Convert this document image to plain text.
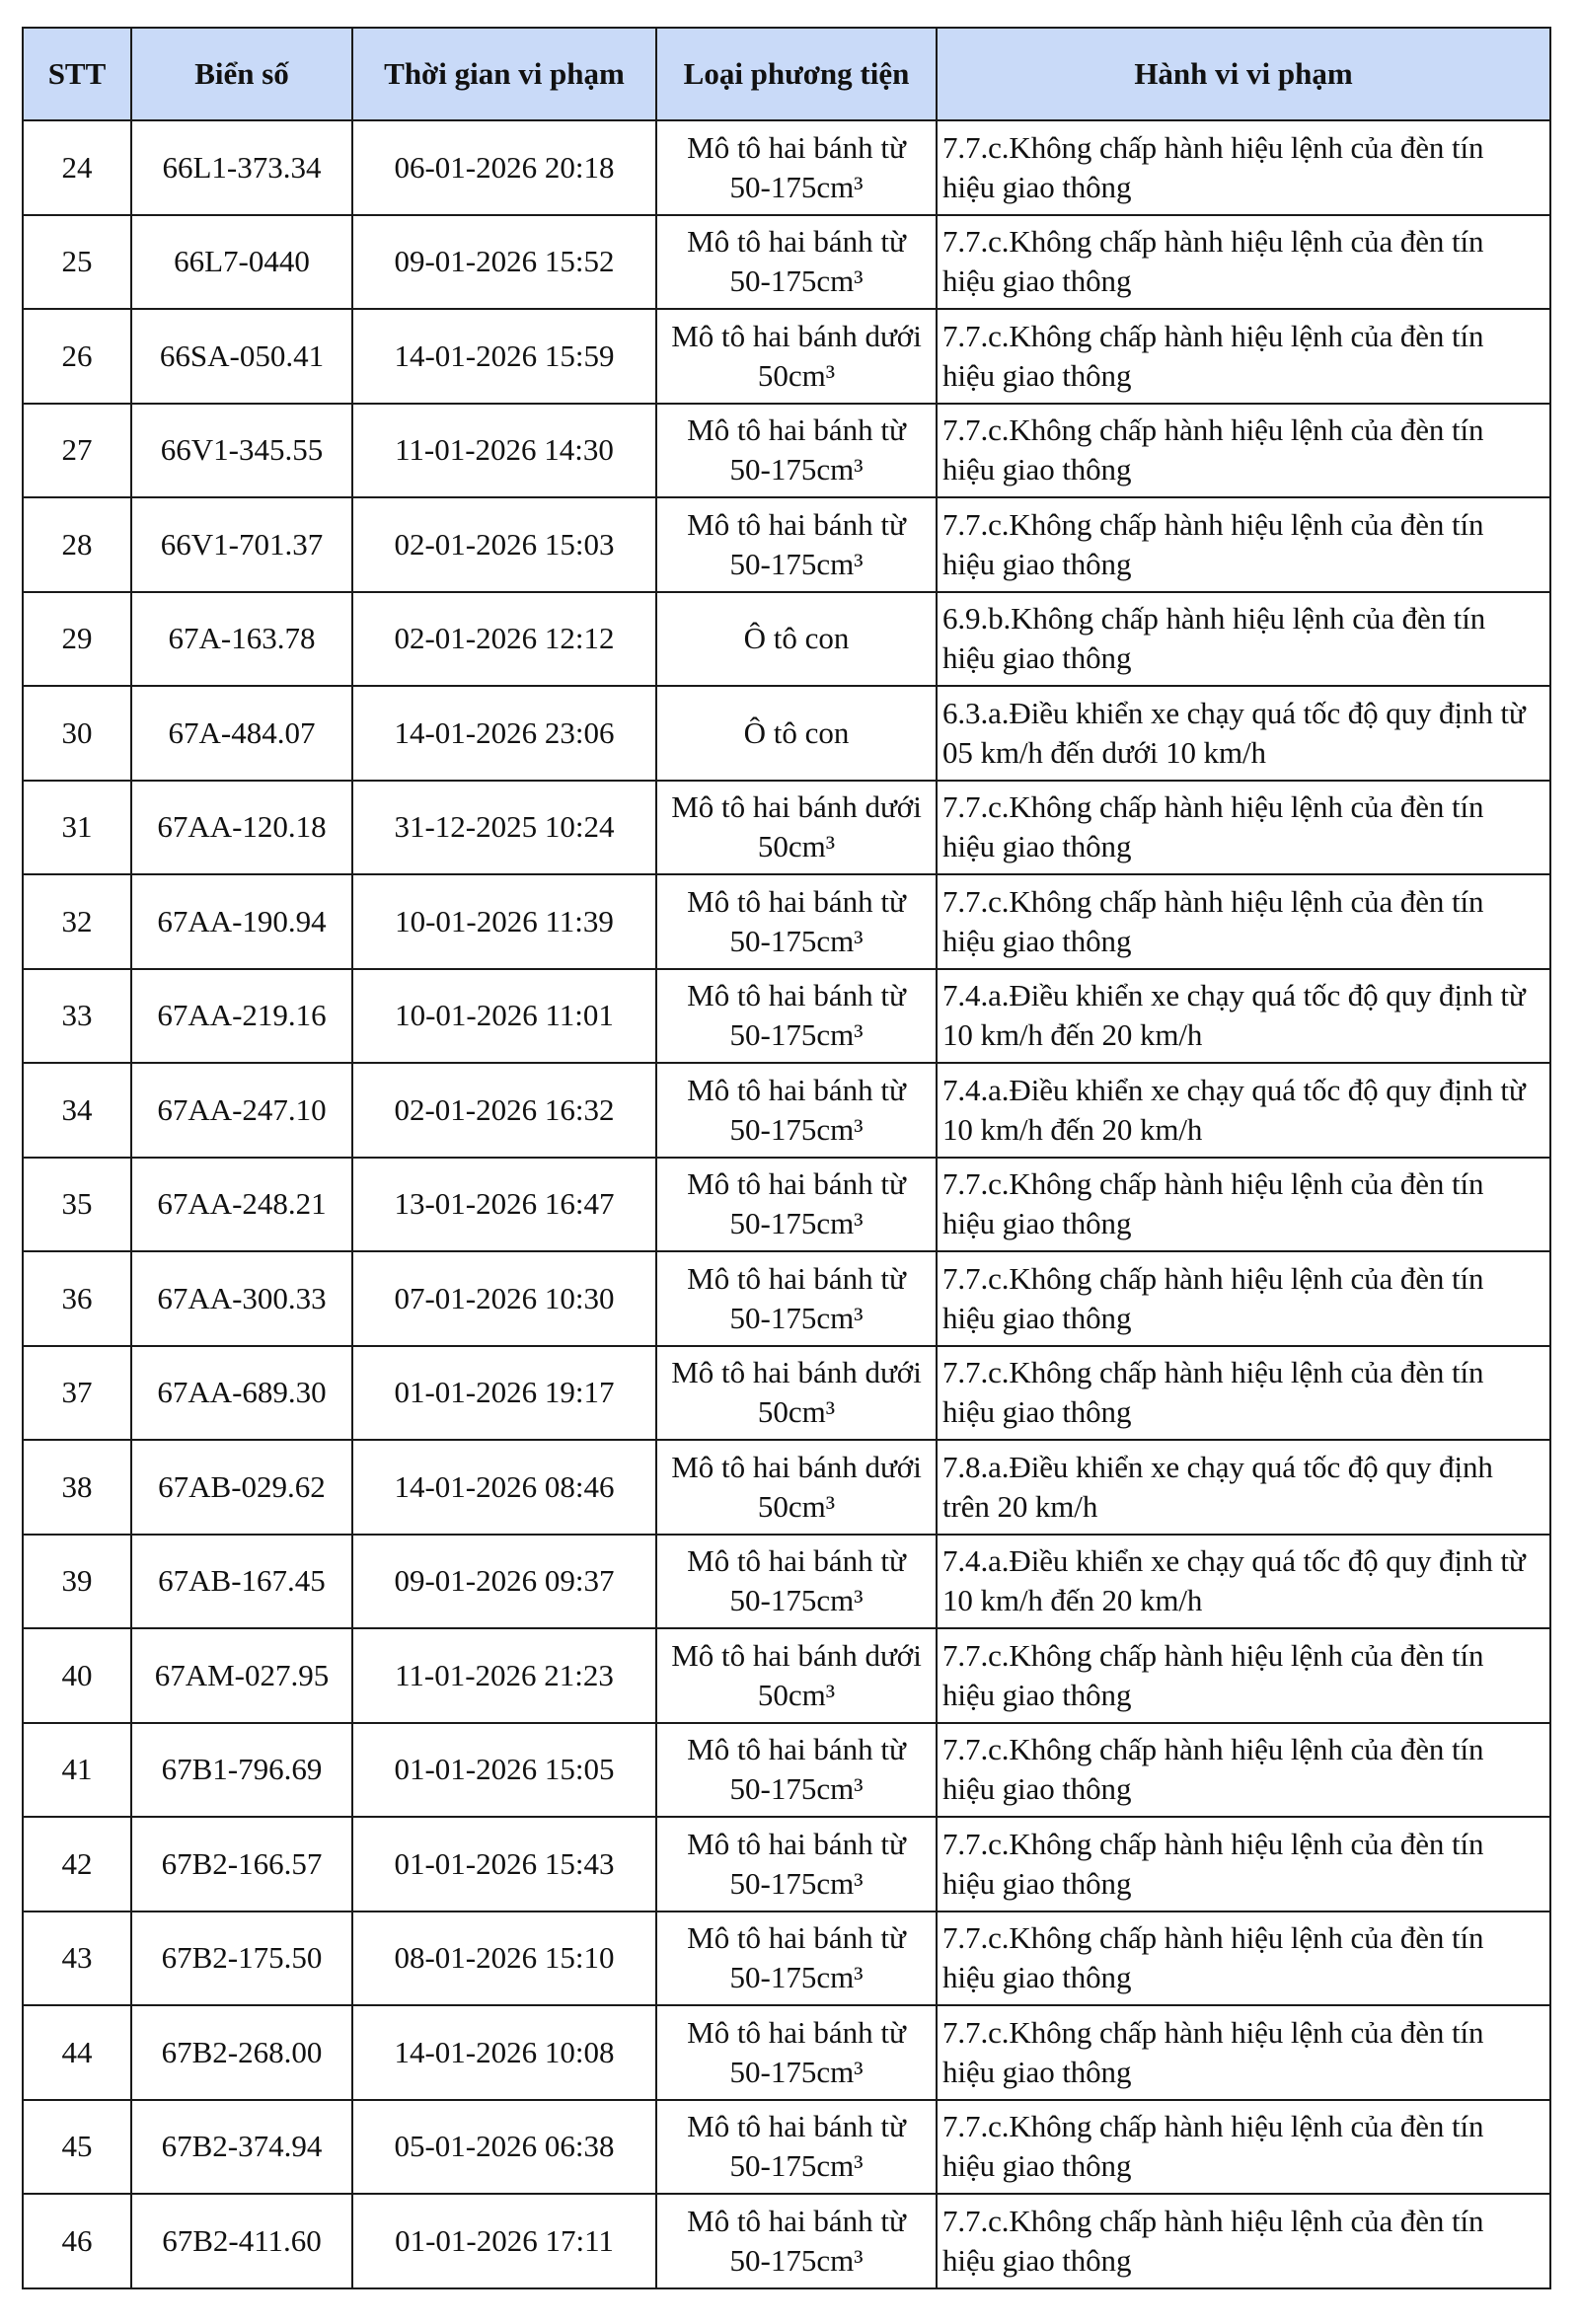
STT	Biển số	Thời gian vi phạm	Loại phương tiện	Hành vi vi phạm
24	66L1-373.34	06-01-2026 20:18	Mô tô hai bánh từ
50-175cm³	7.7.c.Không chấp hành hiệu lệnh của đèn tín hiệu giao thông
25	66L7-0440	09-01-2026 15:52	Mô tô hai bánh từ
50-175cm³	7.7.c.Không chấp hành hiệu lệnh của đèn tín hiệu giao thông
26	66SA-050.41	14-01-2026 15:59	Mô tô hai bánh dưới
50cm³	7.7.c.Không chấp hành hiệu lệnh của đèn tín hiệu giao thông
27	66V1-345.55	11-01-2026 14:30	Mô tô hai bánh từ
50-175cm³	7.7.c.Không chấp hành hiệu lệnh của đèn tín hiệu giao thông
28	66V1-701.37	02-01-2026 15:03	Mô tô hai bánh từ
50-175cm³	7.7.c.Không chấp hành hiệu lệnh của đèn tín hiệu giao thông
29	67A-163.78	02-01-2026 12:12	Ô tô con	6.9.b.Không chấp hành hiệu lệnh của đèn tín hiệu giao thông
30	67A-484.07	14-01-2026 23:06	Ô tô con	6.3.a.Điều khiển xe chạy quá tốc độ quy định từ 05 km/h đến dưới 10 km/h
31	67AA-120.18	31-12-2025 10:24	Mô tô hai bánh dưới
50cm³	7.7.c.Không chấp hành hiệu lệnh của đèn tín hiệu giao thông
32	67AA-190.94	10-01-2026 11:39	Mô tô hai bánh từ
50-175cm³	7.7.c.Không chấp hành hiệu lệnh của đèn tín hiệu giao thông
33	67AA-219.16	10-01-2026 11:01	Mô tô hai bánh từ
50-175cm³	7.4.a.Điều khiển xe chạy quá tốc độ quy định từ 10 km/h đến 20 km/h
34	67AA-247.10	02-01-2026 16:32	Mô tô hai bánh từ
50-175cm³	7.4.a.Điều khiển xe chạy quá tốc độ quy định từ 10 km/h đến 20 km/h
35	67AA-248.21	13-01-2026 16:47	Mô tô hai bánh từ
50-175cm³	7.7.c.Không chấp hành hiệu lệnh của đèn tín hiệu giao thông
36	67AA-300.33	07-01-2026 10:30	Mô tô hai bánh từ
50-175cm³	7.7.c.Không chấp hành hiệu lệnh của đèn tín hiệu giao thông
37	67AA-689.30	01-01-2026 19:17	Mô tô hai bánh dưới
50cm³	7.7.c.Không chấp hành hiệu lệnh của đèn tín hiệu giao thông
38	67AB-029.62	14-01-2026 08:46	Mô tô hai bánh dưới
50cm³	7.8.a.Điều khiển xe chạy quá tốc độ quy định trên 20 km/h
39	67AB-167.45	09-01-2026 09:37	Mô tô hai bánh từ
50-175cm³	7.4.a.Điều khiển xe chạy quá tốc độ quy định từ 10 km/h đến 20 km/h
40	67AM-027.95	11-01-2026 21:23	Mô tô hai bánh dưới
50cm³	7.7.c.Không chấp hành hiệu lệnh của đèn tín hiệu giao thông
41	67B1-796.69	01-01-2026 15:05	Mô tô hai bánh từ
50-175cm³	7.7.c.Không chấp hành hiệu lệnh của đèn tín hiệu giao thông
42	67B2-166.57	01-01-2026 15:43	Mô tô hai bánh từ
50-175cm³	7.7.c.Không chấp hành hiệu lệnh của đèn tín hiệu giao thông
43	67B2-175.50	08-01-2026 15:10	Mô tô hai bánh từ
50-175cm³	7.7.c.Không chấp hành hiệu lệnh của đèn tín hiệu giao thông
44	67B2-268.00	14-01-2026 10:08	Mô tô hai bánh từ
50-175cm³	7.7.c.Không chấp hành hiệu lệnh của đèn tín hiệu giao thông
45	67B2-374.94	05-01-2026 06:38	Mô tô hai bánh từ
50-175cm³	7.7.c.Không chấp hành hiệu lệnh của đèn tín hiệu giao thông
46	67B2-411.60	01-01-2026 17:11	Mô tô hai bánh từ
50-175cm³	7.7.c.Không chấp hành hiệu lệnh của đèn tín hiệu giao thông
